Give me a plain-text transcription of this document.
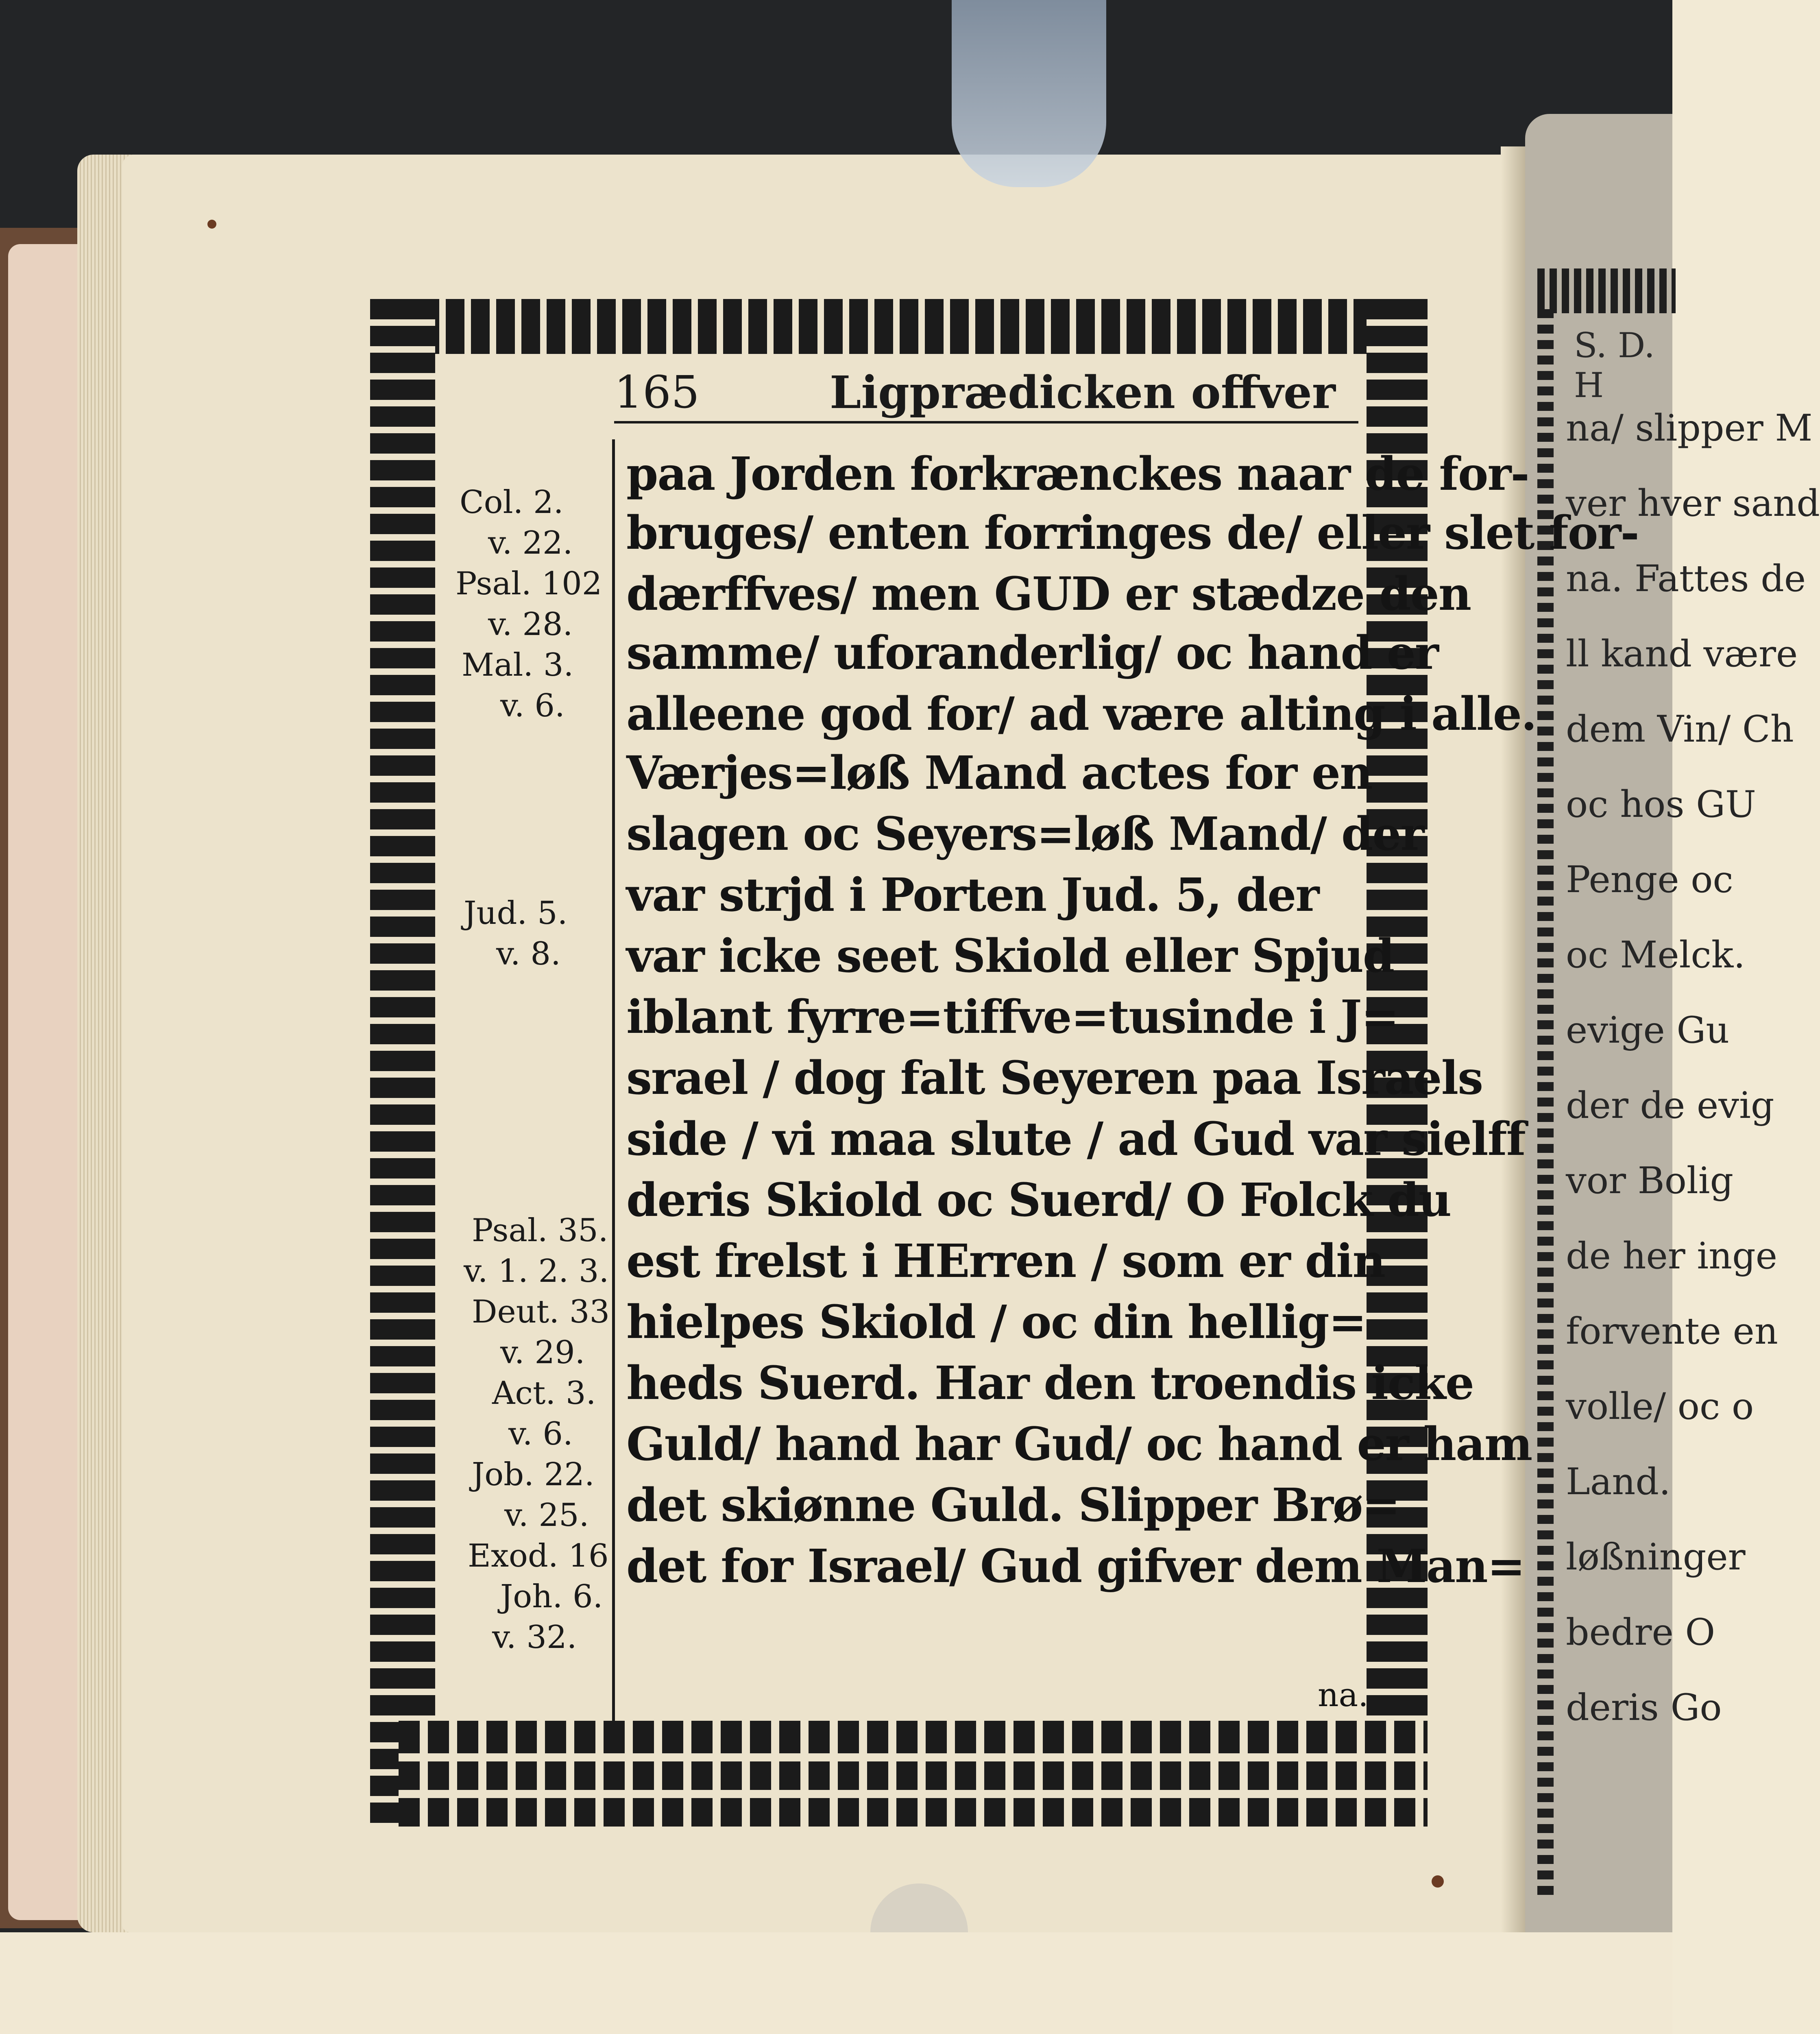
S. D. H
na/ slipper M
ver hver sand
na. Fattes de
ll kand være
dem Vin/ Ch
oc hos GU
Penge oc
oc Melck.
evige Gu
der de evig
vor Bolig
de her inge
forvente en
volle/ oc o
Land.
løßninger
bedre O
deris Go
165	Ligprædicken offver
paa Jorden forkrænckes naar de for-
bruges/ enten forringes de/ eller slet for-
dærffves/ men GUD er stædze den
samme/ uforanderlig/ oc hand er
alleene god for/ ad være alting i alle.
Værjes=løß Mand actes for en
slagen oc Seyers=løß Mand/ der
var strjd i Porten Jud. 5, der
var icke seet Skiold eller Spjud
iblant fyrre=tiffve=tusinde i J=
srael / dog falt Seyeren paa Israels
side / vi maa slute / ad Gud var sielff
deris Skiold oc Suerd/ O Folck du
est frelst i HErren / som er din
hielpes Skiold / oc din hellig=
heds Suerd. Har den troendis icke
Guld/ hand har Gud/ oc hand er ham
det skiønne Guld. Slipper Brø=
det for Israel/ Gud gifver dem Man=
na.
Col. 2.
v. 22.
Psal. 102
v. 28.
Mal. 3.
v. 6.
Jud. 5.
v. 8.
Psal. 35.
v. 1. 2. 3.
Deut. 33
v. 29.
Act. 3.
v. 6.
Job. 22.
v. 25.
Exod. 16
Joh. 6.
v. 32.
